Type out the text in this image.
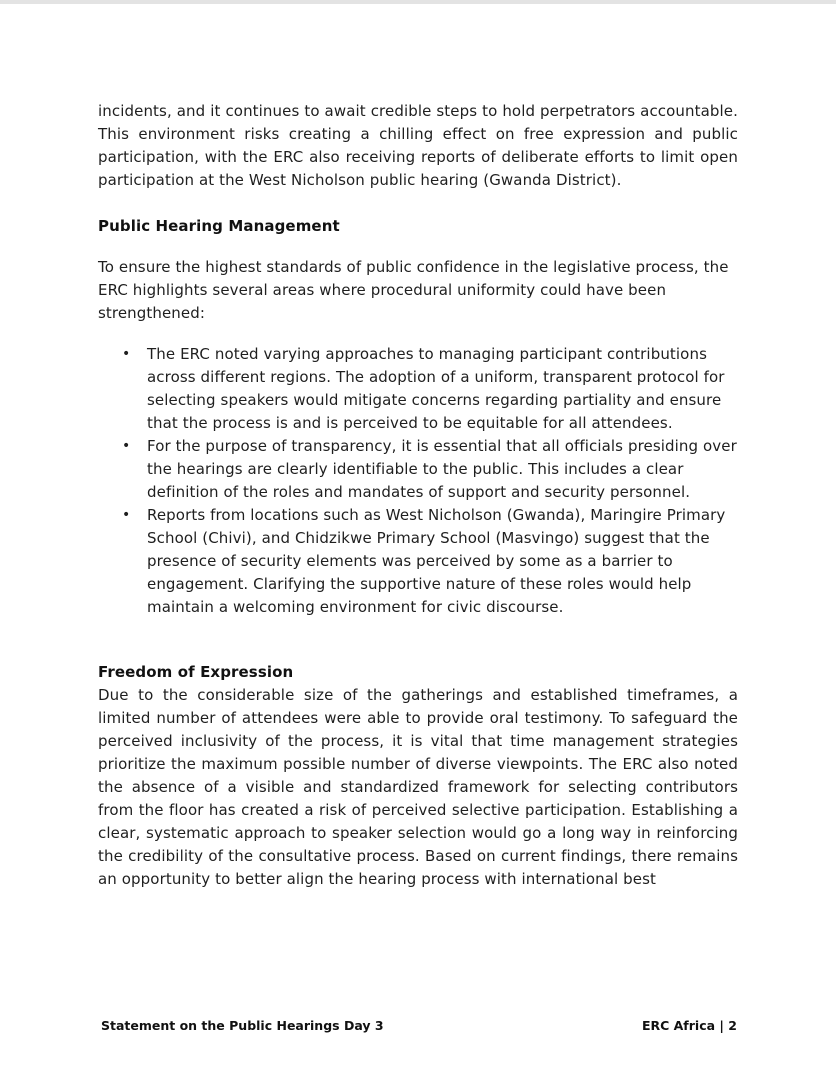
incidents, and it continues to await credible steps to hold perpetrators accountable. This environment risks creating a chilling effect on free expression and public participation, with the ERC also receiving reports of deliberate efforts to limit open participation at the West Nicholson public hearing (Gwanda District).

Public Hearing Management

To ensure the highest standards of public confidence in the legislative process, the ERC highlights several areas where procedural uniformity could have been strengthened:

• The ERC noted varying approaches to managing participant contributions across different regions. The adoption of a uniform, transparent protocol for selecting speakers would mitigate concerns regarding partiality and ensure that the process is and is perceived to be equitable for all attendees.
• For the purpose of transparency, it is essential that all officials presiding over the hearings are clearly identifiable to the public. This includes a clear definition of the roles and mandates of support and security personnel.
• Reports from locations such as West Nicholson (Gwanda), Maringire Primary School (Chivi), and Chidzikwe Primary School (Masvingo) suggest that the presence of security elements was perceived by some as a barrier to engagement. Clarifying the supportive nature of these roles would help maintain a welcoming environment for civic discourse.
Freedom of Expression

Due to the considerable size of the gatherings and established timeframes, a limited number of attendees were able to provide oral testimony. To safeguard the perceived inclusivity of the process, it is vital that time management strategies prioritize the maximum possible number of diverse viewpoints. The ERC also noted the absence of a visible and standardized framework for selecting contributors from the floor has created a risk of perceived selective participation. Establishing a clear, systematic approach to speaker selection would go a long way in reinforcing the credibility of the consultative process. Based on current findings, there remains an opportunity to better align the hearing process with international best

Statement on the Public Hearings Day 3	ERC Africa | 2
